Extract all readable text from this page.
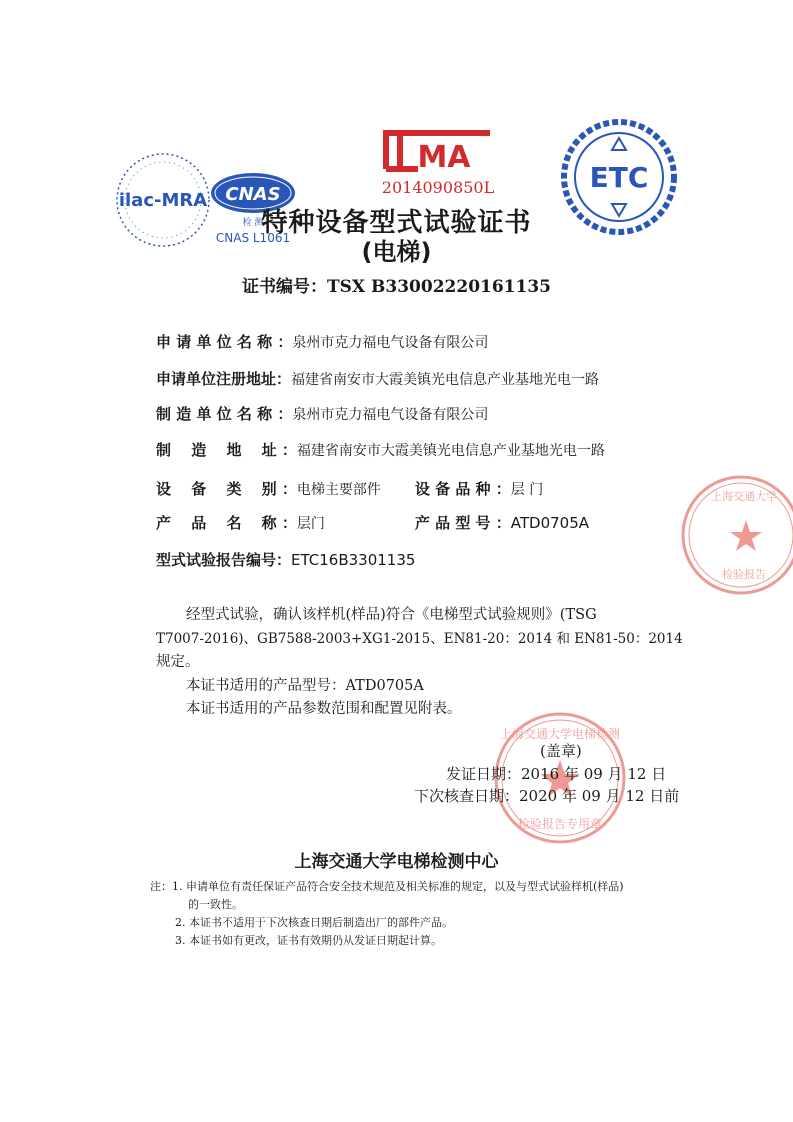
ilac-MRA CNAS
检 测
CNAS L1061
MA
2014090850L	ETC
特种设备型式试验证书
(电梯)
证书编号：TSX B33002220161135
申 请 单 位 名 称 ：泉州市克力福电气设备有限公司
申请单位注册地址：福建省南安市大霞美镇光电信息产业基地光电一路
制 造 单 位 名 称 ：泉州市克力福电气设备有限公司
制　 造　 地　 址 ：福建省南安市大霞美镇光电信息产业基地光电一路
设　 备　 类　 别 ：电梯主要部件 设 备 品 种 ：层 门
产　 品　 名　 称 ：层门	产 品 型 号 ：ATD0705A
型式试验报告编号：ETC16B3301135
经型式试验，确认该样机(样品)符合《电梯型式试验规则》(TSG
T7007-2016)、GB7588-2003+XG1-2015、EN81-20：2014 和 EN81-50：2014
规定。
本证书适用的产品型号：ATD0705A
本证书适用的产品参数范围和配置见附表。
上海交通大学电梯检测
检验报告专用章
(盖章)
发证日期：2016 年 09 月 12 日
下次核查日期：2020 年 09 月 12 日前
上海交通大学
检验报告
上海交通大学电梯检测中心
注：1. 申请单位有责任保证产品符合安全技术规范及相关标准的规定，以及与型式试验样机(样品)
的一致性。
2. 本证书不适用于下次核查日期后制造出厂的部件产品。
3. 本证书如有更改，证书有效期仍从发证日期起计算。
